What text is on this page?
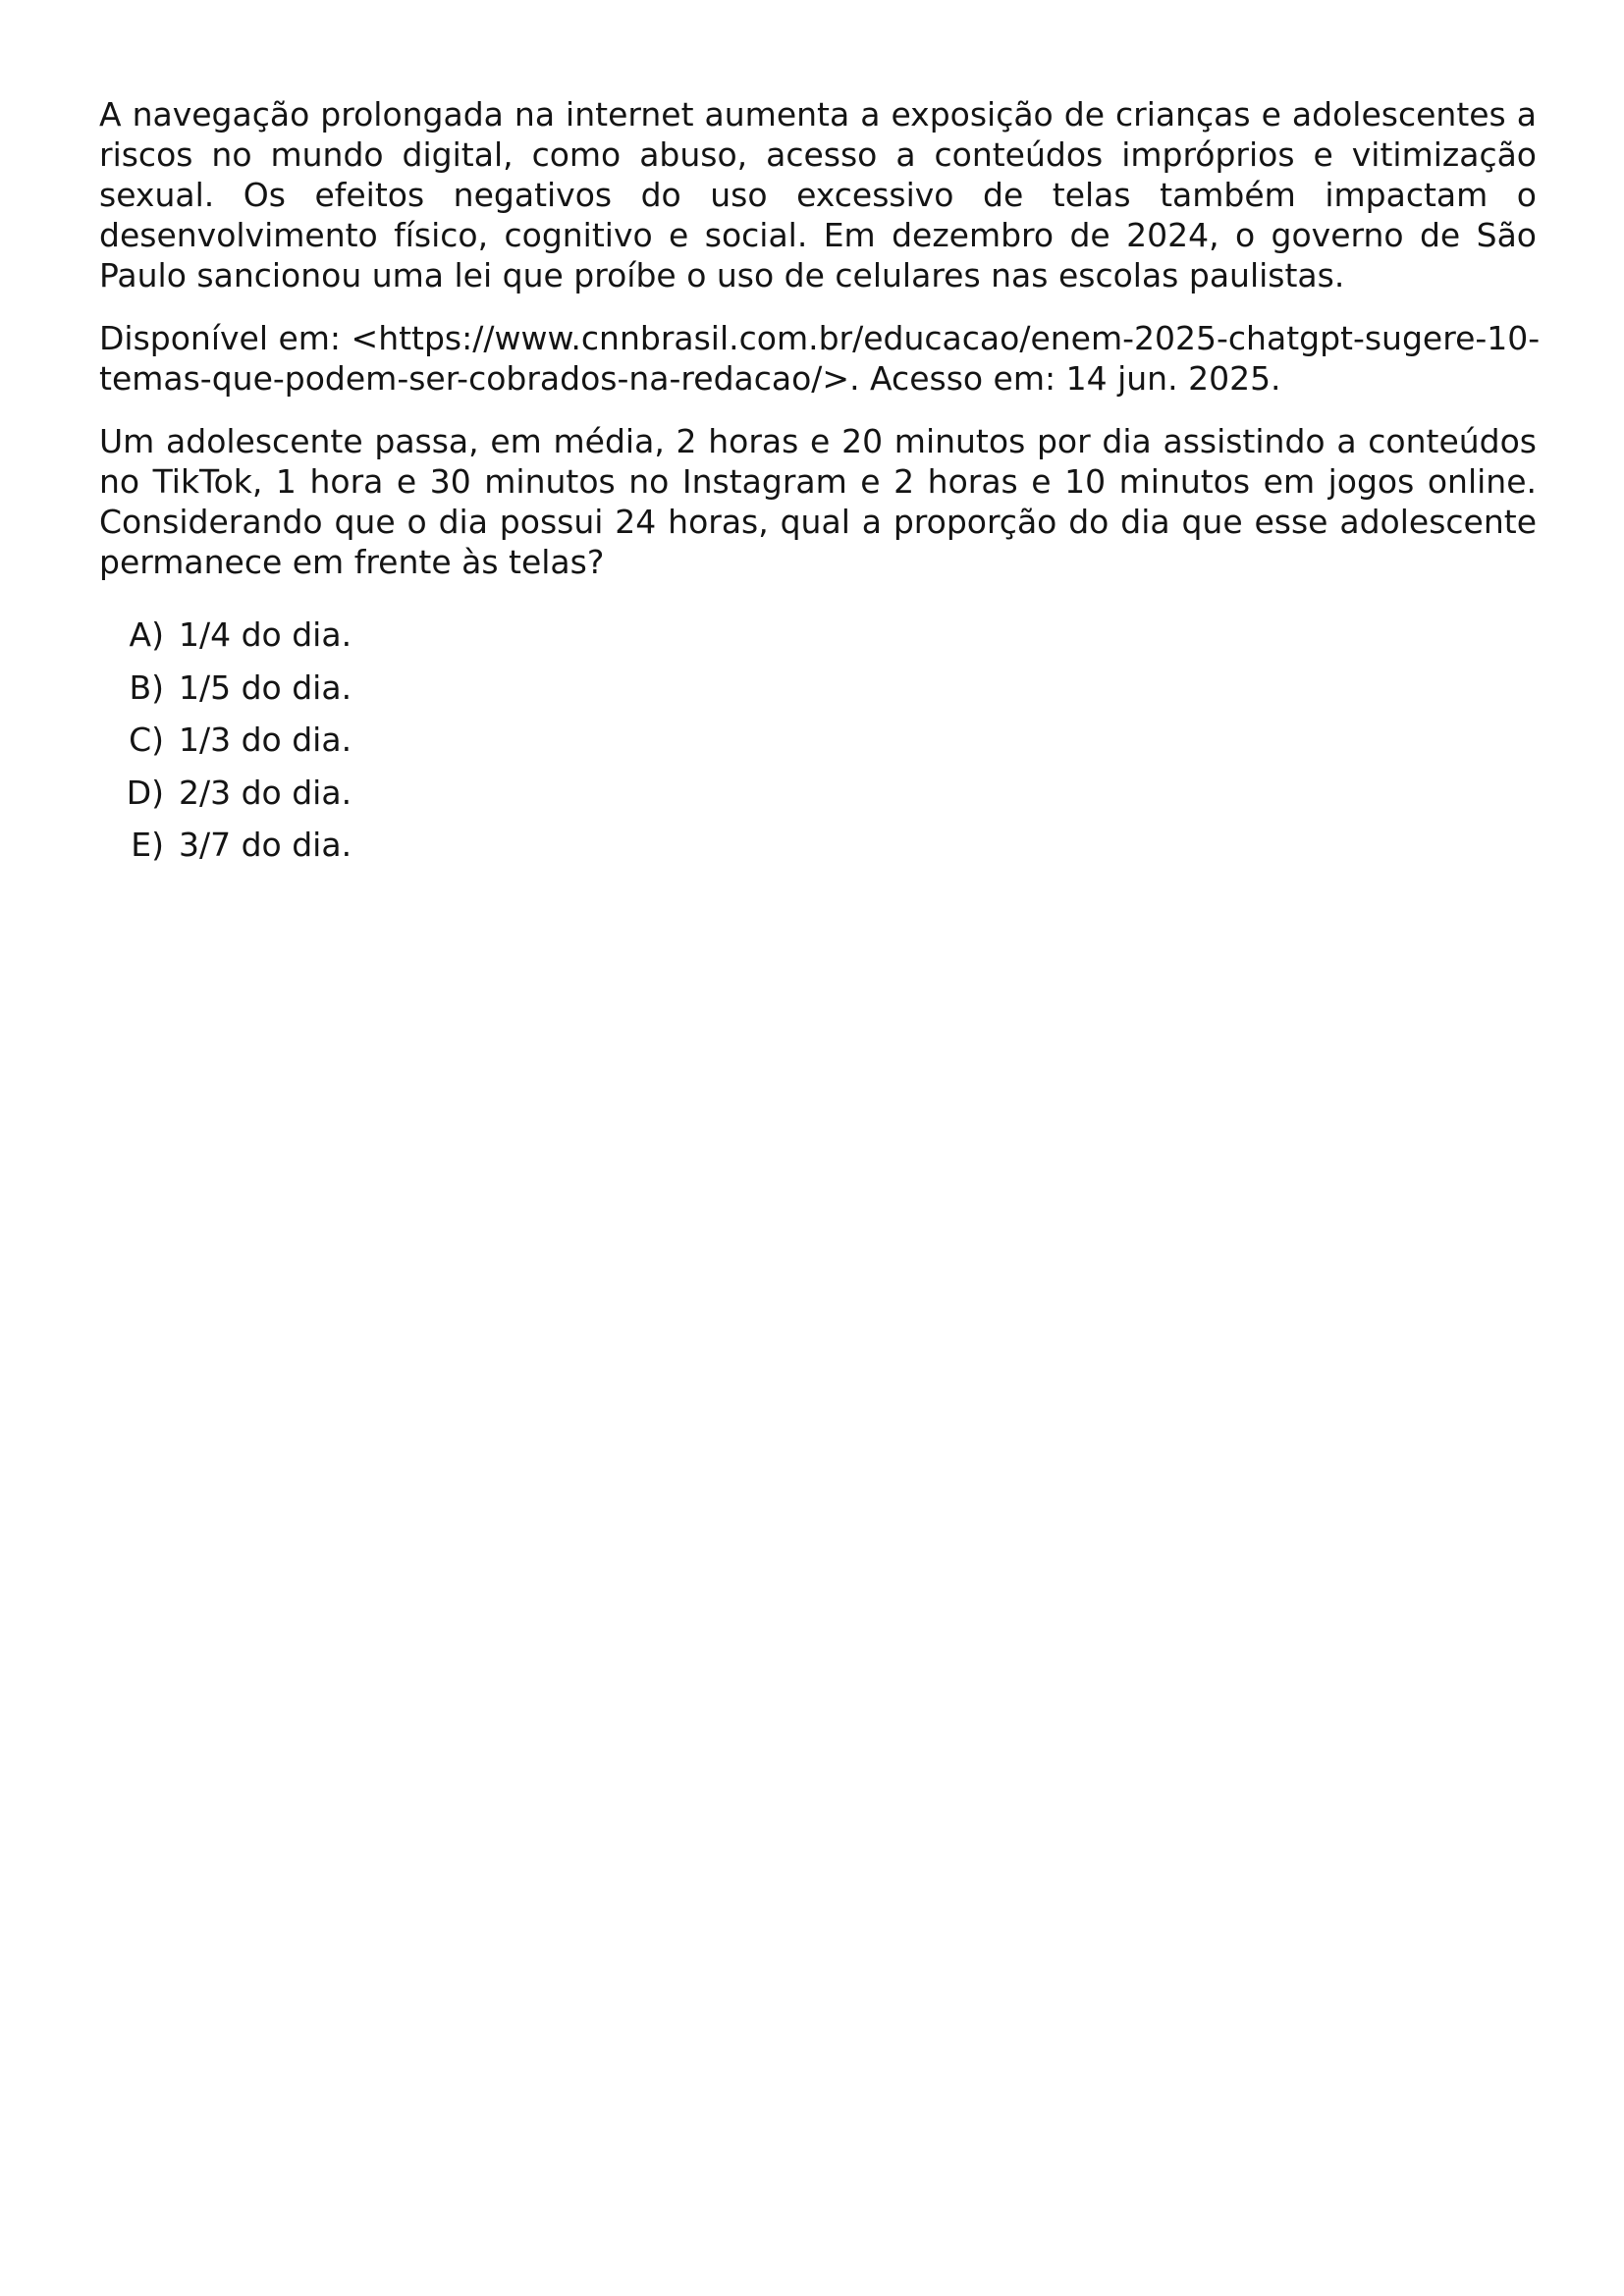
A navegação prolongada na internet aumenta a exposição de crianças e adolescentes a riscos no mundo digital, como abuso, acesso a conteúdos impróprios e vitimização sexual. Os efeitos negativos do uso excessivo de telas também impactam o desenvolvimento físico, cognitivo e social. Em dezembro de 2024, o governo de São Paulo sancionou uma lei que proíbe o uso de celulares nas escolas paulistas.

Disponível em: <https://www.cnnbrasil.com.br/educacao/enem-2025-chatgpt-sugere-10-temas-que-podem-ser-cobrados-na-redacao/>. Acesso em: 14 jun. 2025.

Um adolescente passa, em média, 2 horas e 20 minutos por dia assistindo a conteúdos no TikTok, 1 hora e 30 minutos no Instagram e 2 horas e 10 minutos em jogos online. Considerando que o dia possui 24 horas, qual a proporção do dia que esse adolescente permanece em frente às telas?

A) 1/4 do dia.
B) 1/5 do dia.
C) 1/3 do dia.
D) 2/3 do dia.
E) 3/7 do dia.
